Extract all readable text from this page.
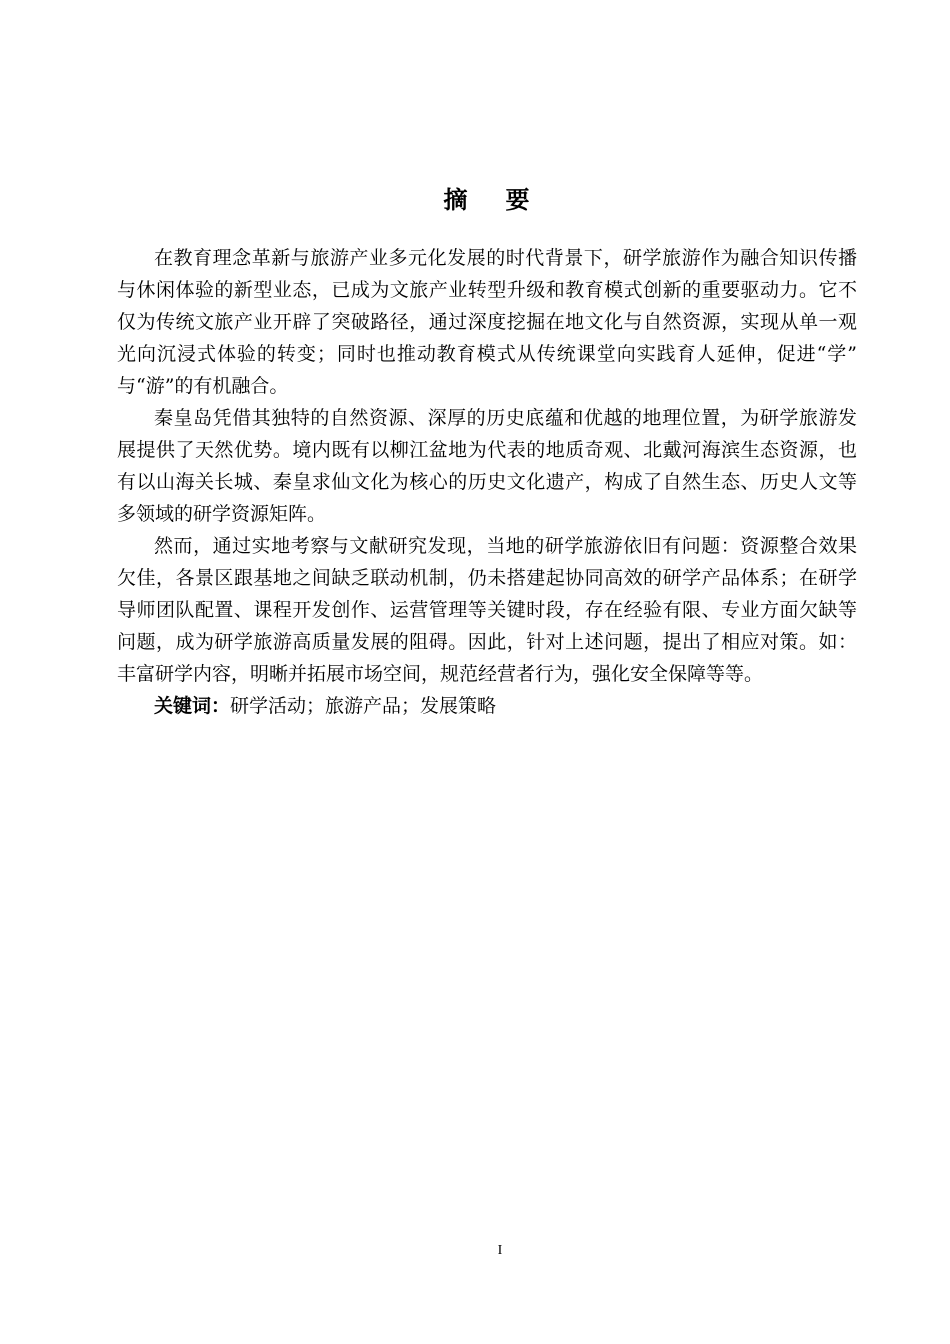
摘 要
在教育理念革新与旅游产业多元化发展的时代背景下，研学旅游作为融合知识传播
与休闲体验的新型业态，已成为文旅产业转型升级和教育模式创新的重要驱动力。它不
仅为传统文旅产业开辟了突破路径，通过深度挖掘在地文化与自然资源，实现从单一观
光向沉浸式体验的转变；同时也推动教育模式从传统课堂向实践育人延伸，促进“学”
与“游”的有机融合。
秦皇岛凭借其独特的自然资源、深厚的历史底蕴和优越的地理位置，为研学旅游发
展提供了天然优势。境内既有以柳江盆地为代表的地质奇观、北戴河海滨生态资源，也
有以山海关长城、秦皇求仙文化为核心的历史文化遗产，构成了自然生态、历史人文等
多领域的研学资源矩阵。
然而，通过实地考察与文献研究发现，当地的研学旅游依旧有问题：资源整合效果
欠佳，各景区跟基地之间缺乏联动机制，仍未搭建起协同高效的研学产品体系；在研学
导师团队配置、课程开发创作、运营管理等关键时段，存在经验有限、专业方面欠缺等
问题，成为研学旅游高质量发展的阻碍。因此，针对上述问题，提出了相应对策。如：
丰富研学内容，明晰并拓展市场空间，规范经营者行为，强化安全保障等等。
关键词：研学活动；旅游产品；发展策略
I
